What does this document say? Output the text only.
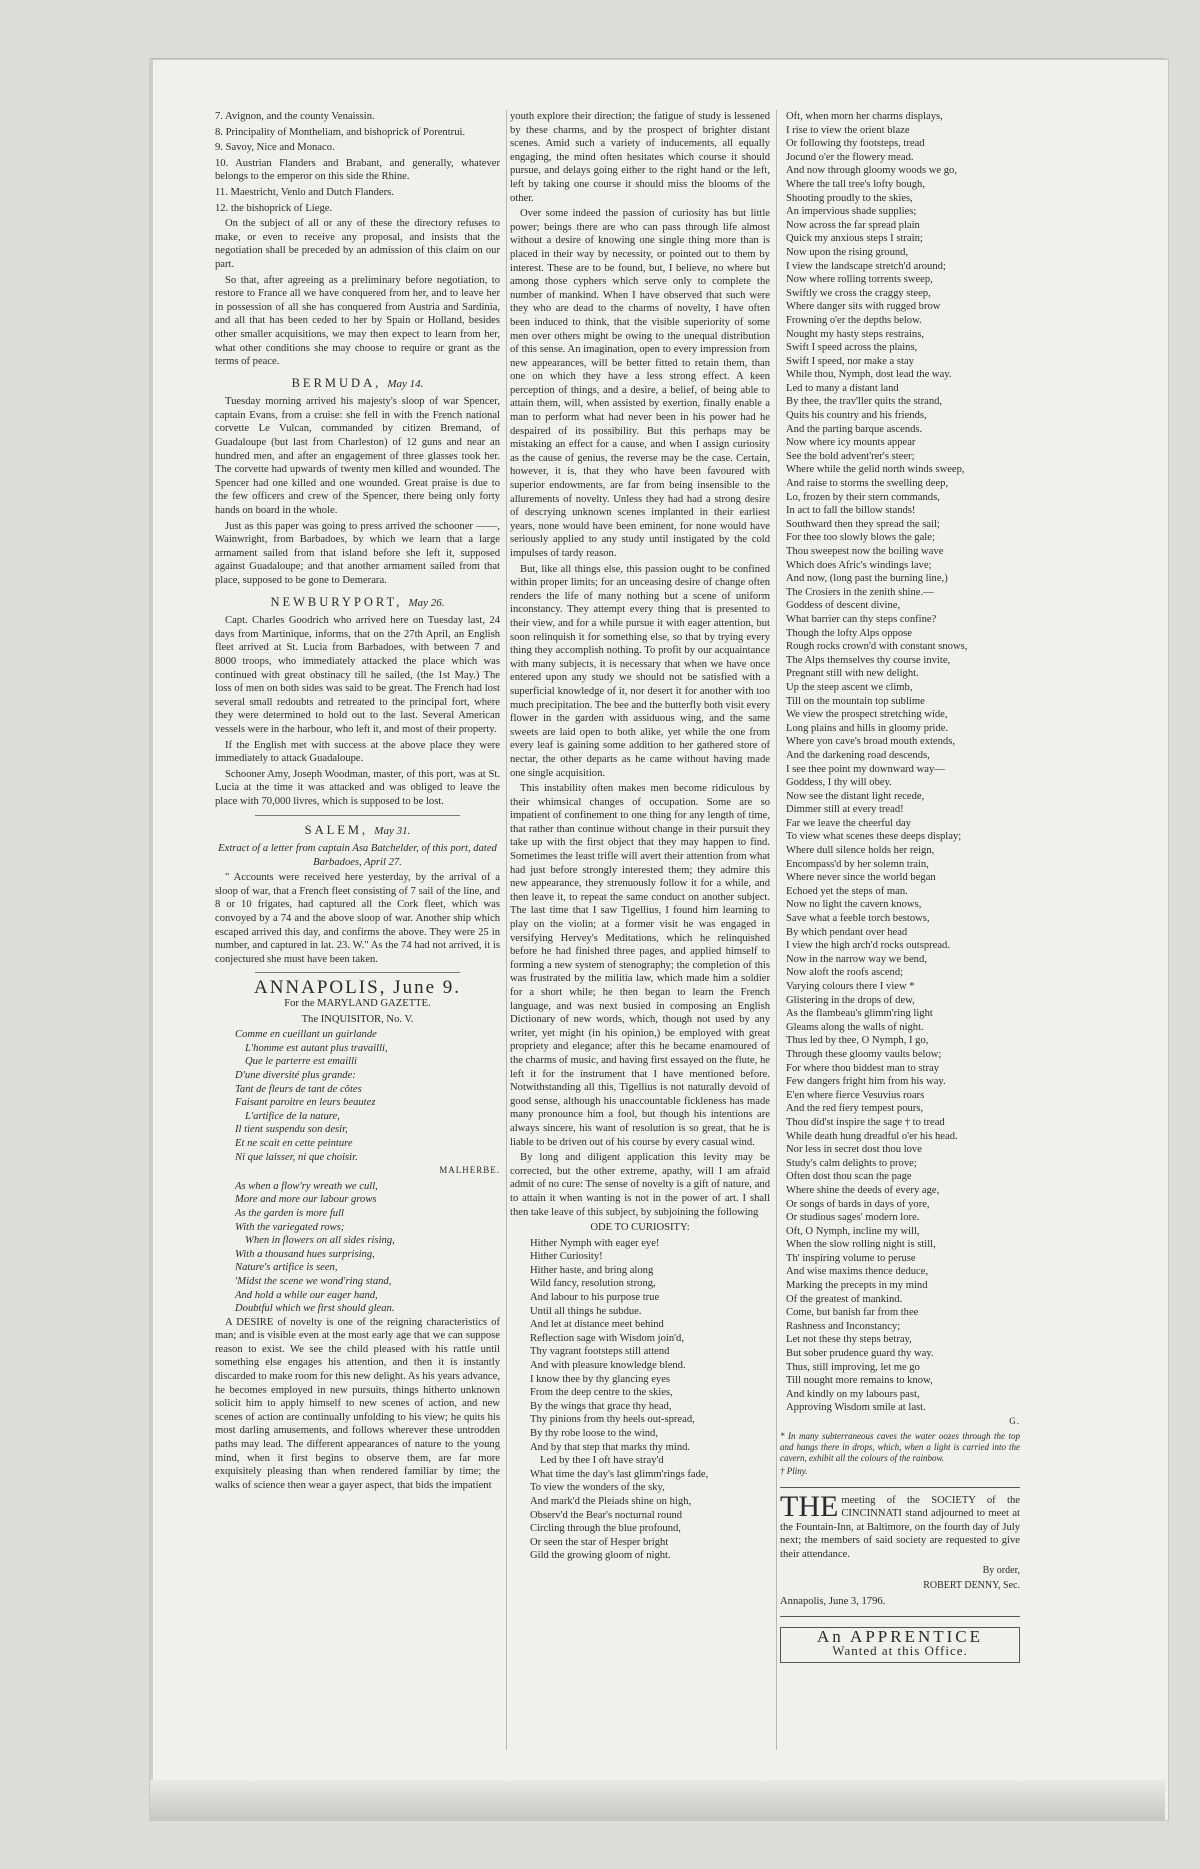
7. Avignon, and the county Venaissin.

8. Principality of Montheliam, and bishoprick of Porentrui.

9. Savoy, Nice and Monaco.

10. Austrian Flanders and Brabant, and generally, whatever belongs to the emperor on this side the Rhine.

11. Maestricht, Venlo and Dutch Flanders.

12. the bishoprick of Liege.

On the subject of all or any of these the directory refuses to make, or even to receive any proposal, and insists that the negotiation shall be preceded by an admission of this claim on our part.

So that, after agreeing as a preliminary before negotiation, to restore to France all we have conquered from her, and to leave her in possession of all she has conquered from Austria and Sardinia, and all that has been ceded to her by Spain or Holland, besides other smaller acquisitions, we may then expect to learn from her, what other conditions she may choose to require or grant as the terms of peace.

BERMUDA, May 14.

Tuesday morning arrived his majesty's sloop of war Spencer, captain Evans, from a cruise: she fell in with the French national corvette Le Vulcan, commanded by citizen Bremand, of Guadaloupe (but last from Charleston) of 12 guns and near an hundred men, and after an engagement of three glasses took her. The corvette had upwards of twenty men killed and wounded. The Spencer had one killed and one wounded. Great praise is due to the few officers and crew of the Spencer, there being only forty hands on board in the whole.

Just as this paper was going to press arrived the schooner ——, Wainwright, from Barbadoes, by which we learn that a large armament sailed from that island before she left it, supposed against Guadaloupe; and that another armament sailed from that place, supposed to be gone to Demerara.

NEWBURYPORT, May 26.

Capt. Charles Goodrich who arrived here on Tuesday last, 24 days from Martinique, informs, that on the 27th April, an English fleet arrived at St. Lucia from Barbadoes, with between 7 and 8000 troops, who immediately attacked the place which was continued with great obstinacy till he sailed, (the 1st May.) The loss of men on both sides was said to be great. The French had lost several small redoubts and retreated to the principal fort, where they were determined to hold out to the last. Several American vessels were in the harbour, who left it, and most of their property.

If the English met with success at the above place they were immediately to attack Guadaloupe.

Schooner Amy, Joseph Woodman, master, of this port, was at St. Lucia at the time it was attacked and was obliged to leave the place with 70,000 livres, which is supposed to be lost.

SALEM, May 31.

Extract of a letter from captain Asa Batchelder, of this port, dated Barbadoes, April 27.

" Accounts were received here yesterday, by the arrival of a sloop of war, that a French fleet consisting of 7 sail of the line, and 8 or 10 frigates, had captured all the Cork fleet, which was convoyed by a 74 and the above sloop of war. Another ship which escaped arrived this day, and confirms the above. They were 25 in number, and captured in lat. 23. W." As the 74 had not arrived, it is conjectured she must have been taken.

ANNAPOLIS, June 9.

For the MARYLAND GAZETTE.

The INQUISITOR, No. V.

Comme en cueillant un guirlande
L'homme est autant plus travailli,
Que le parterre est emailli
D'une diversité plus grande:
Tant de fleurs de tant de côtes
Faisant paroitre en leurs beautez
L'artifice de la nature,
Il tient suspendu son desir,
Et ne scait en cette peinture
Ni que laisser, ni que choisir.

MALHERBE.

As when a flow'ry wreath we cull,
More and more our labour grows
As the garden is more full
With the variegated rows;
When in flowers on all sides rising,
With a thousand hues surprising,
Nature's artifice is seen,
'Midst the scene we wond'ring stand,
And hold a while our eager hand,
Doubtful which we first should glean.

A DESIRE of novelty is one of the reigning characteristics of man; and is visible even at the most early age that we can suppose reason to exist. We see the child pleased with his rattle until something else engages his attention, and then it is instantly discarded to make room for this new delight. As his years advance, he becomes employed in new pursuits, things hitherto unknown solicit him to apply himself to new scenes of action, and new scenes of action are continually unfolding to his view; he quits his most darling amusements, and follows wherever these untrodden paths may lead. The different appearances of nature to the young mind, when it first begins to observe them, are far more exquisitely pleasing than when rendered familiar by time; the walks of science then wear a gayer aspect, that bids the impatient

youth explore their direction; the fatigue of study is lessened by these charms, and by the prospect of brighter distant scenes. Amid such a variety of inducements, all equally engaging, the mind often hesitates which course it should pursue, and delays going either to the right hand or the left, left by taking one course it should miss the blooms of the other.

Over some indeed the passion of curiosity has but little power; beings there are who can pass through life almost without a desire of knowing one single thing more than is placed in their way by necessity, or pointed out to them by interest. These are to be found, but, I believe, no where but among those cyphers which serve only to complete the number of mankind. When I have observed that such were they who are dead to the charms of novelty, I have often been induced to think, that the visible superiority of some men over others might be owing to the unequal distribution of this sense. An imagination, open to every impression from new appearances, will be better fitted to retain them, than one on which they have a less strong effect. A keen perception of things, and a desire, a belief, of being able to attain them, will, when assisted by exertion, finally enable a man to perform what had never been in his power had he despaired of its possibility. But this perhaps may be mistaking an effect for a cause, and when I assign curiosity as the cause of genius, the reverse may be the case. Certain, however, it is, that they who have been favoured with superior endowments, are far from being insensible to the allurements of novelty. Unless they had had a strong desire of descrying unknown scenes implanted in their earliest years, none would have been eminent, for none would have seriously applied to any study until instigated by the cold impulses of tardy reason.

But, like all things else, this passion ought to be confined within proper limits; for an unceasing desire of change often renders the life of many nothing but a scene of uniform inconstancy. They attempt every thing that is presented to their view, and for a while pursue it with eager attention, but soon relinquish it for something else, so that by trying every thing they accomplish nothing. To profit by our acquaintance with many subjects, it is necessary that when we have once entered upon any study we should not be satisfied with a superficial knowledge of it, nor desert it for another with too much precipitation. The bee and the butterfly both visit every flower in the garden with assiduous wing, and the same sweets are laid open to both alike, yet while the one from every leaf is gaining some addition to her gathered store of nectar, the other departs as he came without having made one single acquisition.

This instability often makes men become ridiculous by their whimsical changes of occupation. Some are so impatient of confinement to one thing for any length of time, that rather than continue without change in their pursuit they take up with the first object that they may happen to find. Sometimes the least trifle will avert their attention from what had just before strongly interested them; they admire this new appearance, they strenuously follow it for a while, and then leave it, to repeat the same conduct on another subject. The last time that I saw Tigellius, I found him learning to play on the violin; at a former visit he was engaged in versifying Hervey's Meditations, which he relinquished before he had finished three pages, and applied himself to forming a new system of stenography; the completion of this was frustrated by the militia law, which made him a soldier for a short while; he then began to learn the French language, and was next busied in composing an English Dictionary of new words, which, though not used by any writer, yet might (in his opinion,) be employed with great propriety and elegance; after this he became enamoured of the charms of music, and having first essayed on the flute, he left it for the instrument that I have mentioned before. Notwithstanding all this, Tigellius is not naturally devoid of good sense, although his unaccountable fickleness has made many pronounce him a fool, but though his intentions are always sincere, his want of resolution is so great, that he is liable to be driven out of his course by every casual wind.

By long and diligent application this levity may be corrected, but the other extreme, apathy, will I am afraid admit of no cure: The sense of novelty is a gift of nature, and to attain it when wanting is not in the power of art. I shall then take leave of this subject, by subjoining the following

ODE TO CURIOSITY:

Hither Nymph with eager eye!
Hither Curiosity!
Hither haste, and bring along
Wild fancy, resolution strong,
And labour to his purpose true
Until all things he subdue.
And let at distance meet behind
Reflection sage with Wisdom join'd,
Thy vagrant footsteps still attend
And with pleasure knowledge blend.
I know thee by thy glancing eyes
From the deep centre to the skies,
By the wings that grace thy head,
Thy pinions from thy heels out-spread,
By thy robe loose to the wind,
And by that step that marks thy mind.
Led by thee I oft have stray'd
What time the day's last glimm'rings fade,
To view the wonders of the sky,
And mark'd the Pleiads shine on high,
Observ'd the Bear's nocturnal round
Circling through the blue profound,
Or seen the star of Hesper bright
Gild the growing gloom of night.
Oft, when morn her charms displays,
I rise to view the orient blaze
Or following thy footsteps, tread
Jocund o'er the flowery mead.
And now through gloomy woods we go,
Where the tall tree's lofty bough,
Shooting proudly to the skies,
An impervious shade supplies;
Now across the far spread plain
Quick my anxious steps I strain;
Now upon the rising ground,
I view the landscape stretch'd around;
Now where rolling torrents sweep,
Swiftly we cross the craggy steep,
Where danger sits with rugged brow
Frowning o'er the depths below.
Nought my hasty steps restrains,
Swift I speed across the plains,
Swift I speed, nor make a stay
While thou, Nymph, dost lead the way.
Led to many a distant land
By thee, the trav'ller quits the strand,
Quits his country and his friends,
And the parting barque ascends.
Now where icy mounts appear
See the bold advent'rer's steer;
Where while the gelid north winds sweep,
And raise to storms the swelling deep,
Lo, frozen by their stern commands,
In act to fall the billow stands!
Southward then they spread the sail;
For thee too slowly blows the gale;
Thou sweepest now the boiling wave
Which does Afric's windings lave;
And now, (long past the burning line,)
The Crosiers in the zenith shine.—
Goddess of descent divine,
What barrier can thy steps confine?
Though the lofty Alps oppose
Rough rocks crown'd with constant snows,
The Alps themselves thy course invite,
Pregnant still with new delight.
Up the steep ascent we climb,
Till on the mountain top sublime
We view the prospect stretching wide,
Long plains and hills in gloomy pride.
Where yon cave's broad mouth extends,
And the darkening road descends,
I see thee point my downward way—
Goddess, I thy will obey.
Now see the distant light recede,
Dimmer still at every tread!
Far we leave the cheerful day
To view what scenes these deeps display;
Where dull silence holds her reign,
Encompass'd by her solemn train,
Where never since the world began
Echoed yet the steps of man.
Now no light the cavern knows,
Save what a feeble torch bestows,
By which pendant over head
I view the high arch'd rocks outspread.
Now in the narrow way we bend,
Now aloft the roofs ascend;
Varying colours there I view *
Glistering in the drops of dew,
As the flambeau's glimm'ring light
Gleams along the walls of night.
Thus led by thee, O Nymph, I go,
Through these gloomy vaults below;
For where thou biddest man to stray
Few dangers fright him from his way.
E'en where fierce Vesuvius roars
And the red fiery tempest pours,
Thou did'st inspire the sage † to tread
While death hung dreadful o'er his head.
Nor less in secret dost thou love
Study's calm delights to prove;
Often dost thou scan the page
Where shine the deeds of every age,
Or songs of bards in days of yore,
Or studious sages' modern lore.
Oft, O Nymph, incline my will,
When the slow rolling night is still,
Th' inspiring volume to peruse
And wise maxims thence deduce,
Marking the precepts in my mind
Of the greatest of mankind.
Come, but banish far from thee
Rashness and Inconstancy;
Let not these thy steps betray,
But sober prudence guard thy way.
Thus, still improving, let me go
Till nought more remains to know,
And kindly on my labours past,
Approving Wisdom smile at last.

G.

* In many subterraneous caves the water oozes through the top and hangs there in drops, which, when a light is carried into the cavern, exhibit all the colours of the rainbow.

† Pliny.

THE meeting of the SOCIETY of the CINCINNATI stand adjourned to meet at the Fountain-Inn, at Baltimore, on the fourth day of July next; the members of said society are requested to give their attendance.

By order,

ROBERT DENNY, Sec.

Annapolis, June 3, 1796.

An APPRENTICE
Wanted at this Office.
